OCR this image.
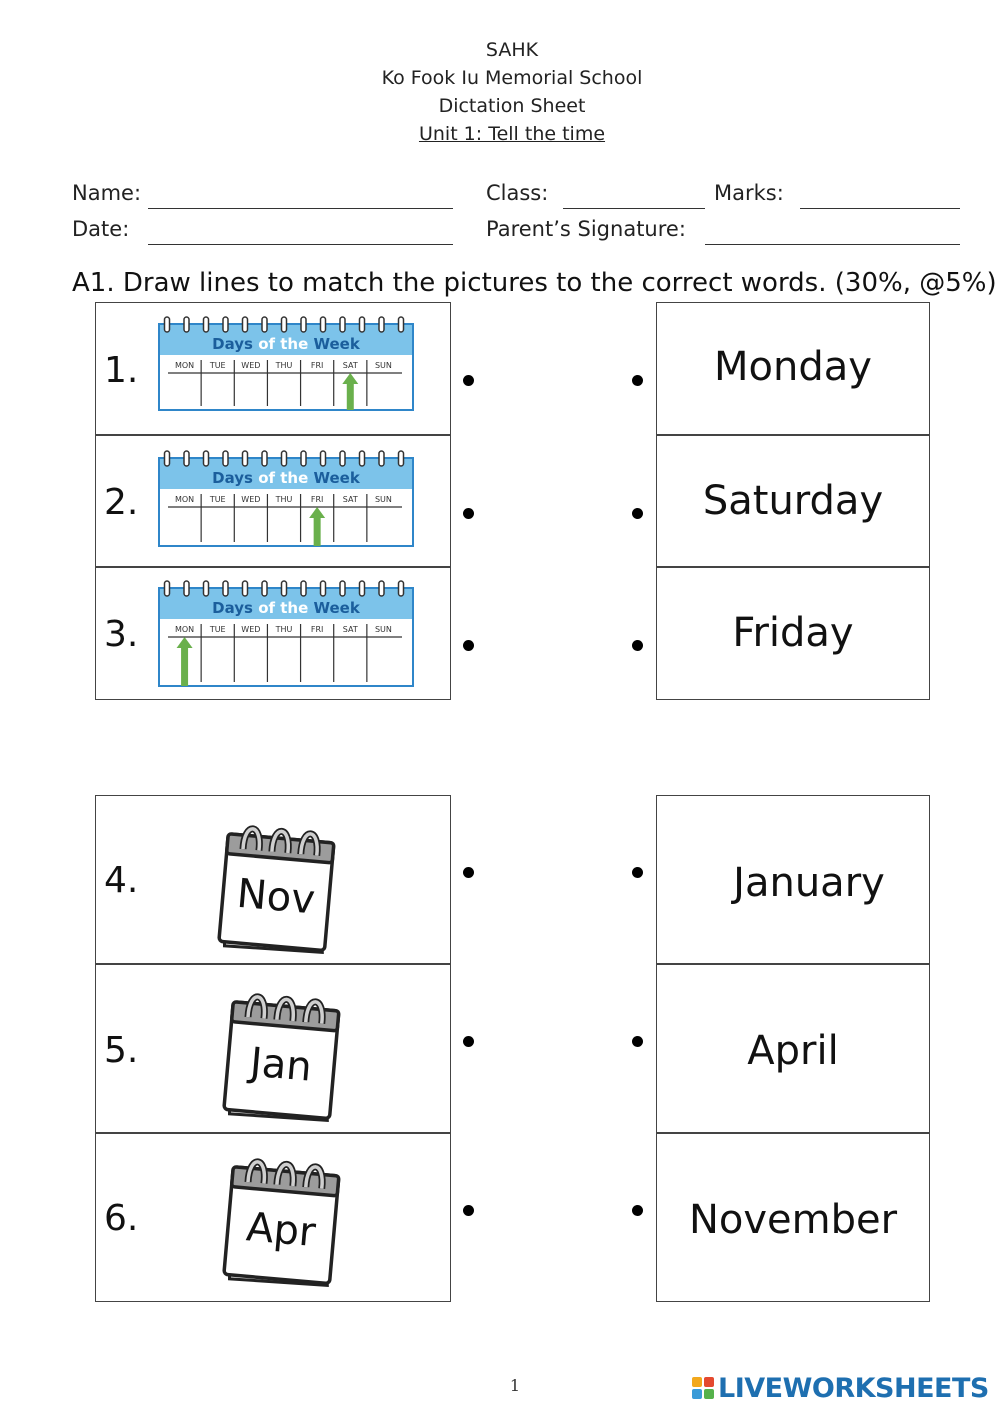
SAHK
Ko Fook Iu Memorial School
Dictation Sheet
Unit 1: Tell the time
Name:	Class:	Marks:
Date:	Parent’s Signature:
A1. Draw lines to match the pictures to the correct words. (30%, @5%)
1.
Days of the Week
MON TUE WED THU FRI SAT SUN	Monday
2.
Days of the Week
MON TUE WED THU FRI SAT SUN	Saturday
3.
Days of the Week
MON TUE WED THU FRI SAT SUN	Friday
4. Nov	January
5.	Jan	April
6.	Apr	November
1	LIVEWORKSHEETS
